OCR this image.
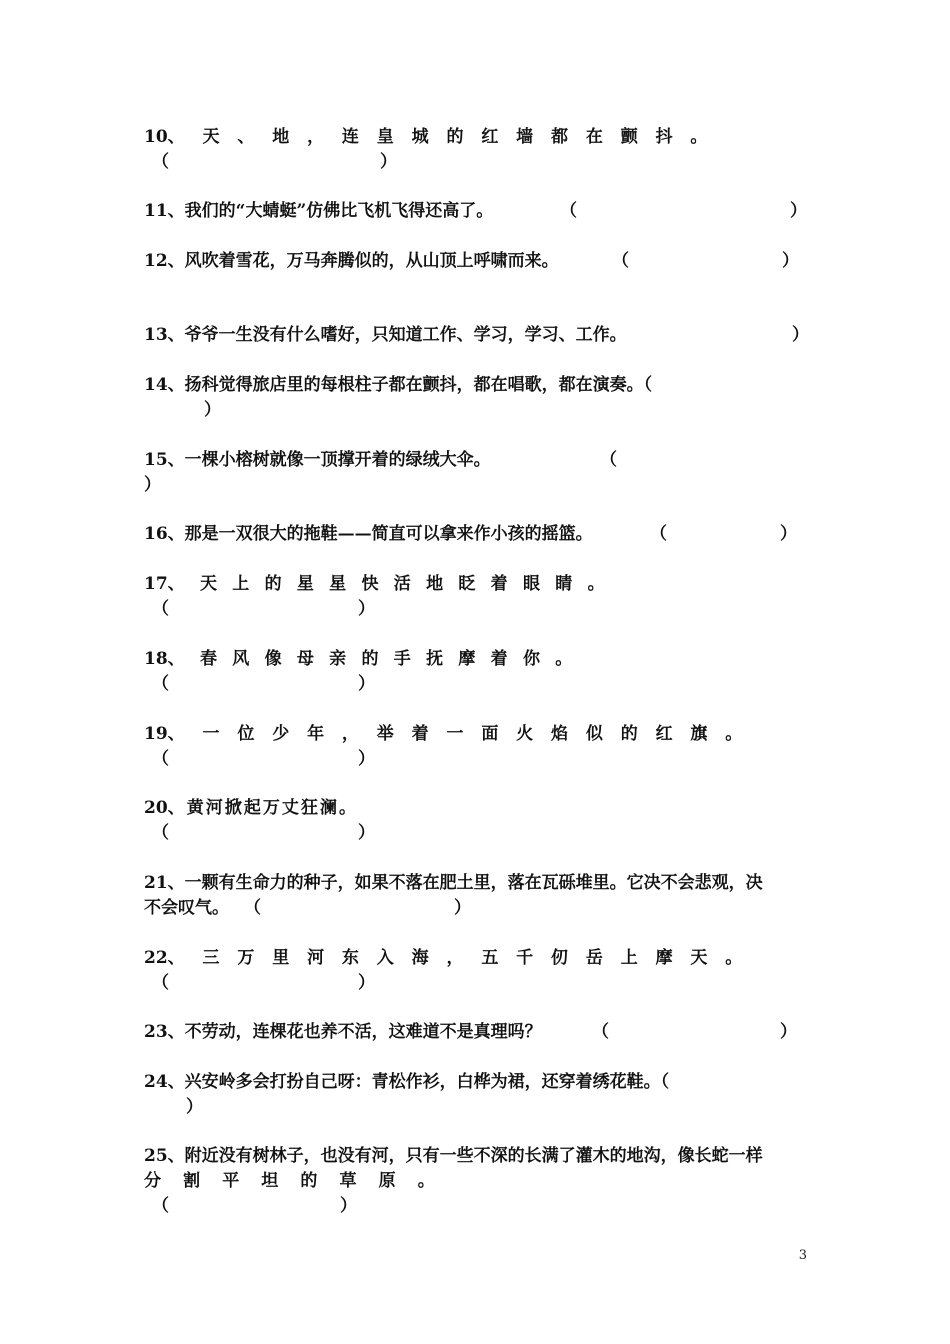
10、天、地，连皇城的红墙都在颤抖。
（	）
11、我们的“大蜻蜓”仿佛比飞机飞得还高了。	（	）
12、风吹着雪花，万马奔腾似的，从山顶上呼啸而来。	（	）
13、爷爷一生没有什么嗜好，只知道工作、学习，学习、工作。	）
14、扬科觉得旅店里的每根柱子都在颤抖，都在唱歌，都在演奏。（
）
15、一棵小榕树就像一顶撑开着的绿绒大伞。	（
）
16、那是一双很大的拖鞋——简直可以拿来作小孩的摇篮。	（	）
17、天上的星星快活地眨着眼睛。
（	）
18、春风像母亲的手抚摩着你。
（	）
19、一位少年，举着一面火焰似的红旗。
（	）
20、黄河掀起万丈狂澜。
（	）
21、一颗有生命力的种子，如果不落在肥土里，落在瓦砾堆里。它决不会悲观，决
不会叹气。 （	）
22、三万里河东入海，五千仞岳上摩天。
（	）
23、不劳动，连棵花也养不活，这难道不是真理吗？	（	）
24、兴安岭多会打扮自己呀：青松作衫，白桦为裙，还穿着绣花鞋。（
）
25、附近没有树林子，也没有河，只有一些不深的长满了灌木的地沟，像长蛇一样
分割平坦的草原。
（	）
3
